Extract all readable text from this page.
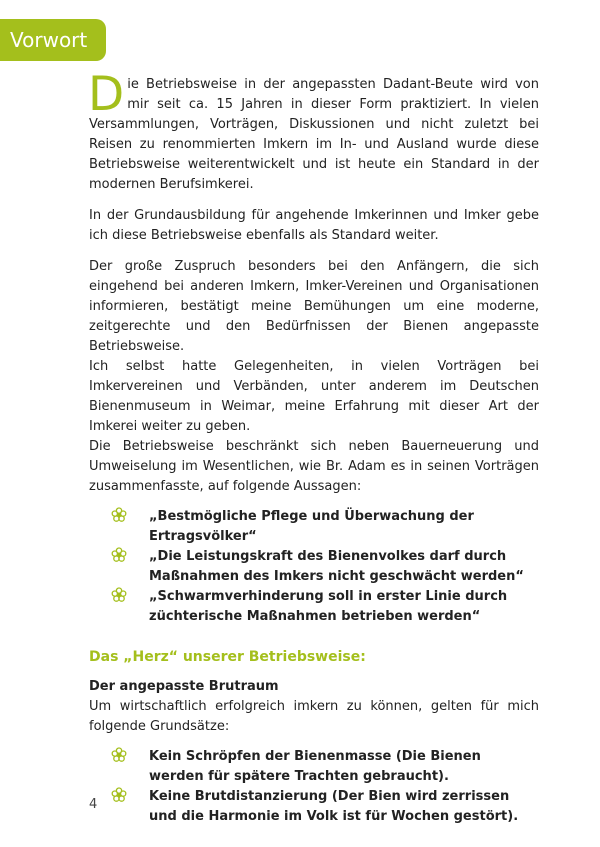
Vorwort

Die Betriebsweise in der angepassten Dadant-Beute wird von mir seit ca. 15 Jahren in dieser Form praktiziert. In vielen Versammlungen, Vorträgen, Diskussionen und nicht zuletzt bei Reisen zu renommierten Imkern im In- und Ausland wurde diese Betriebsweise weiterentwickelt und ist heute ein Standard in der modernen Berufsimkerei.

In der Grundausbildung für angehende Imkerinnen und Imker gebe ich diese Betriebsweise ebenfalls als Standard weiter.

Der große Zuspruch besonders bei den Anfängern, die sich eingehend bei anderen Imkern, Imker-Vereinen und Organisationen informieren, bestätigt meine Bemühungen um eine moderne, zeitgerechte und den Bedürfnissen der Bienen angepasste Betriebsweise.

Ich selbst hatte Gelegenheiten, in vielen Vorträgen bei Imkervereinen und Verbänden, unter anderem im Deutschen Bienenmuseum in Weimar, meine Erfahrung mit dieser Art der Imkerei weiter zu geben.

Die Betriebsweise beschränkt sich neben Bauerneuerung und Umweiselung im Wesentlichen, wie Br. Adam es in seinen Vorträgen zusammenfasste, auf folgende Aussagen:

„Bestmögliche Pflege und Überwachung der Ertragsvölker“
„Die Leistungskraft des Bienenvolkes darf durch Maßnahmen des Imkers nicht geschwächt werden“
„Schwarmverhinderung soll in erster Linie durch züchterische Maßnahmen betrieben werden“

Das „Herz“ unserer Betriebsweise:

Der angepasste Brutraum

Um wirtschaftlich erfolgreich imkern zu können, gelten für mich folgende Grundsätze:

Kein Schröpfen der Bienenmasse (Die Bienen werden für spätere Trachten gebraucht).
Keine Brutdistanzierung (Der Bien wird zerrissen und die Harmonie im Volk ist für Wochen gestört).
4
